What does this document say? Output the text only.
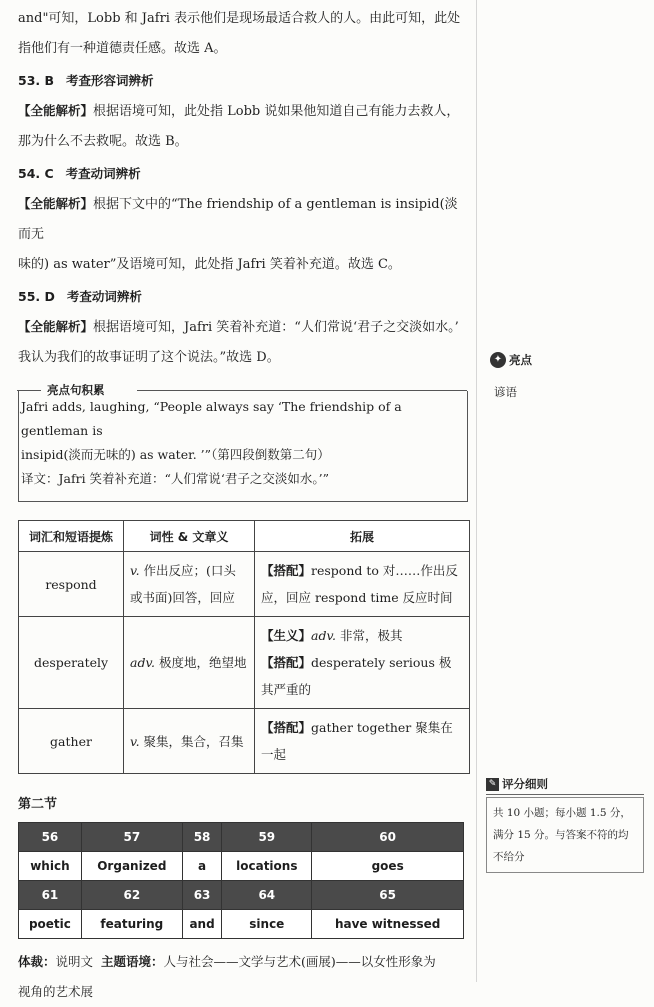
and"可知，Lobb 和 Jafri 表示他们是现场最适合救人的人。由此可知，此处

指他们有一种道德责任感。故选 A。

53. B 考查形容词辨析

【全能解析】根据语境可知，此处指 Lobb 说如果他知道自己有能力去救人，

那为什么不去救呢。故选 B。

54. C 考查动词辨析

【全能解析】根据下文中的“The friendship of a gentleman is insipid(淡而无

味的) as water”及语境可知，此处指 Jafri 笑着补充道。故选 C。

55. D 考查动词辨析

【全能解析】根据语境可知，Jafri 笑着补充道：“人们常说‘君子之交淡如水。’

我认为我们的故事证明了这个说法。”故选 D。

亮点句积累

Jafri adds, laughing, “People always say ‘The friendship of a gentleman is

insipid(淡而无味的) as water. ’”（第四段倒数第二句）

译文：Jafri 笑着补充道：“人们常说‘君子之交淡如水。’”

词汇和短语提炼	词性 & 文章义	拓展
respond	v. 作出反应；(口头或书面)回答，回应	【搭配】respond to 对……作出反应，回应 respond time 反应时间
desperately	adv. 极度地，绝望地	【生义】adv. 非常，极其
【搭配】desperately serious 极其严重的
gather	v. 聚集，集合，召集	【搭配】gather together 聚集在一起
第二节
56	57	58	59	60
which	Organized	a	locations	goes
61	62	63	64	65
poetic	featuring	and	since	have witnessed
体裁：说明文 主题语境：人与社会——文学与艺术(画展)——以女性形象为
视角的艺术展
✦ 亮点
谚语
✎ 评分细则
共 10 小题；每小题 1.5 分，满分 15 分。与答案不符的均不给分
